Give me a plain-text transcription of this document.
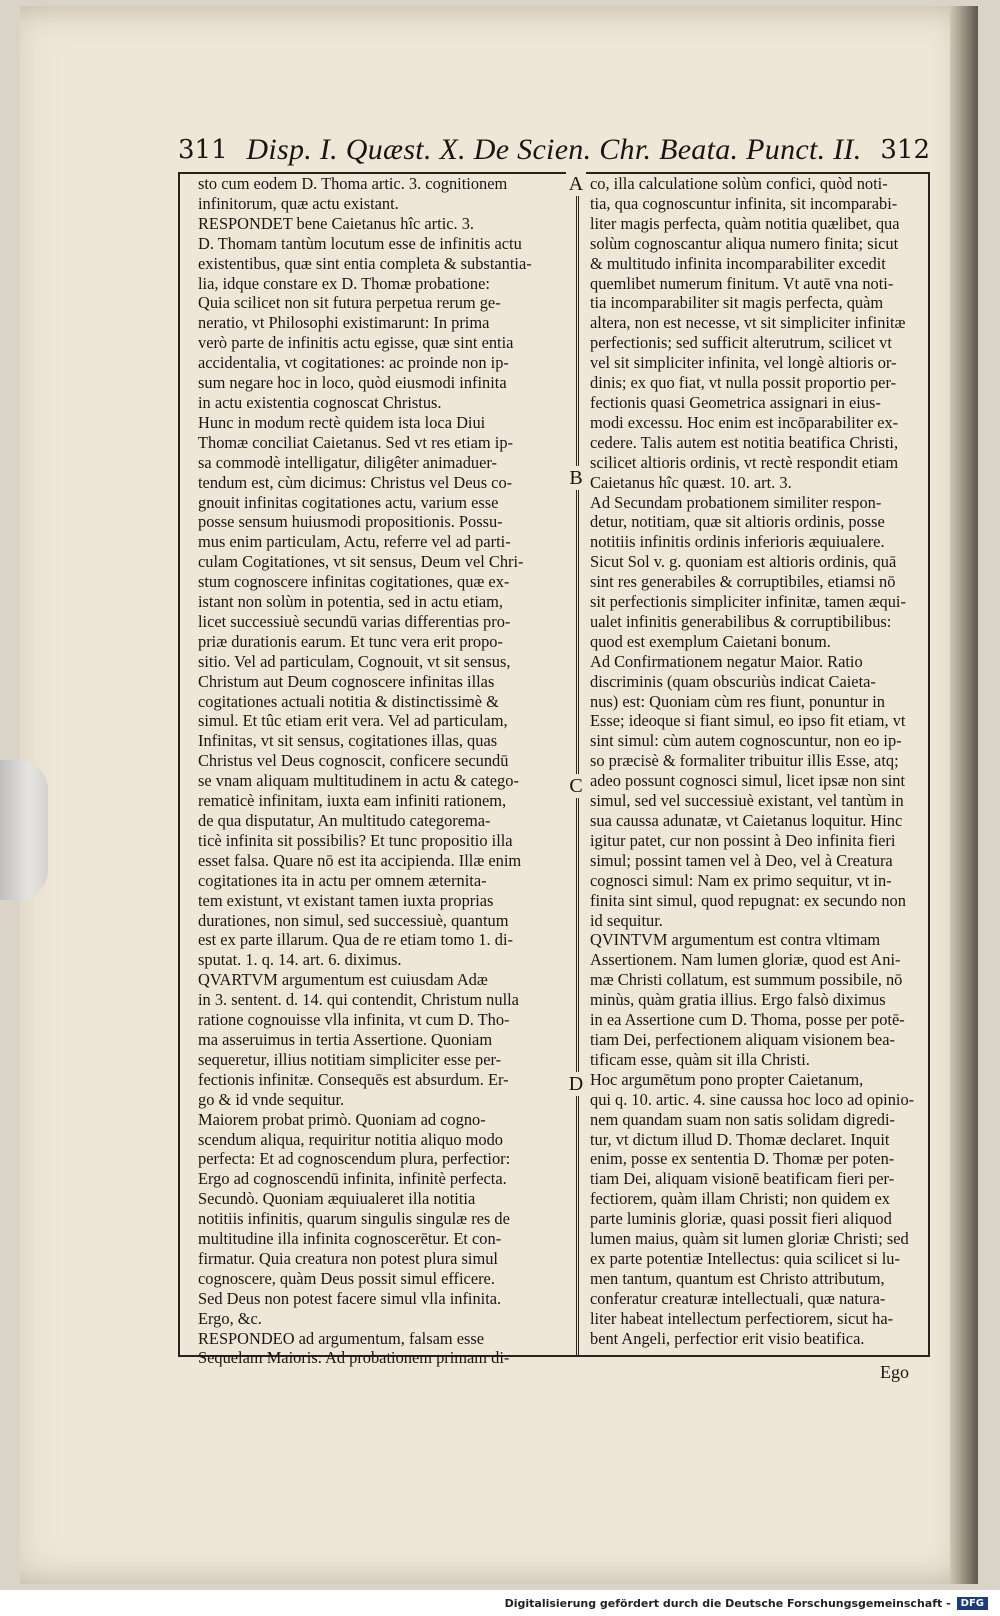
311 Disp. I. Quæst. X. De Scien. Chr. Beata. Punct. II. 312
A
B
C
D
sto cum eodem D. Thoma artic. 3. cognitionem
infinitorum, quæ actu existant.
RESPONDET bene Caietanus hîc artic. 3.
D. Thomam tantùm locutum esse de infinitis actu
existentibus, quæ sint entia completa & substantia-
lia, idque constare ex D. Thomæ probatione:
Quia scilicet non sit futura perpetua rerum ge-
neratio, vt Philosophi existimarunt: In prima
verò parte de infinitis actu egisse, quæ sint entia
accidentalia, vt cogitationes: ac proinde non ip-
sum negare hoc in loco, quòd eiusmodi infinita
in actu existentia cognoscat Christus.
Hunc in modum rectè quidem ista loca Diui
Thomæ conciliat Caietanus. Sed vt res etiam ip-
sa commodè intelligatur, diligêter animaduer-
tendum est, cùm dicimus: Christus vel Deus co-
gnouit infinitas cogitationes actu, varium esse
posse sensum huiusmodi propositionis. Possu-
mus enim particulam, Actu, referre vel ad parti-
culam Cogitationes, vt sit sensus, Deum vel Chri-
stum cognoscere infinitas cogitationes, quæ ex-
istant non solùm in potentia, sed in actu etiam,
licet successiuè secundū varias differentias pro-
priæ durationis earum. Et tunc vera erit propo-
sitio. Vel ad particulam, Cognouit, vt sit sensus,
Christum aut Deum cognoscere infinitas illas
cogitationes actuali notitia & distinctissimè &
simul. Et tûc etiam erit vera. Vel ad particulam,
Infinitas, vt sit sensus, cogitationes illas, quas
Christus vel Deus cognoscit, conficere secundū
se vnam aliquam multitudinem in actu & catego-
rematicè infinitam, iuxta eam infiniti rationem,
de qua disputatur, An multitudo categorema-
ticè infinita sit possibilis? Et tunc propositio illa
esset falsa. Quare nō est ita accipienda. Illæ enim
cogitationes ita in actu per omnem æternita-
tem existunt, vt existant tamen iuxta proprias
durationes, non simul, sed successiuè, quantum
est ex parte illarum. Qua de re etiam tomo 1. di-
sputat. 1. q. 14. art. 6. diximus.
QVARTVM argumentum est cuiusdam Adæ
in 3. sentent. d. 14. qui contendit, Christum nulla
ratione cognouisse vlla infinita, vt cum D. Tho-
ma asseruimus in tertia Assertione. Quoniam
sequeretur, illius notitiam simpliciter esse per-
fectionis infinitæ. Consequēs est absurdum. Er-
go & id vnde sequitur.
Maiorem probat primò. Quoniam ad cogno-
scendum aliqua, requiritur notitia aliquo modo
perfecta: Et ad cognoscendum plura, perfectior:
Ergo ad cognoscendū infinita, infinitè perfecta.
Secundò. Quoniam æquiualeret illa notitia
notitiis infinitis, quarum singulis singulæ res de
multitudine illa infinita cognoscerētur. Et con-
firmatur. Quia creatura non potest plura simul
cognoscere, quàm Deus possit simul efficere.
Sed Deus non potest facere simul vlla infinita.
Ergo, &c.
RESPONDEO ad argumentum, falsam esse
Sequelam Maioris. Ad probationem primam di-
co, illa calculatione solùm confici, quòd noti-
tia, qua cognoscuntur infinita, sit incomparabi-
liter magis perfecta, quàm notitia quælibet, qua
solùm cognoscantur aliqua numero finita; sicut
& multitudo infinita incomparabiliter excedit
quemlibet numerum finitum. Vt autē vna noti-
tia incomparabiliter sit magis perfecta, quàm
altera, non est necesse, vt sit simpliciter infinitæ
perfectionis; sed sufficit alterutrum, scilicet vt
vel sit simpliciter infinita, vel longè altioris or-
dinis; ex quo fiat, vt nulla possit proportio per-
fectionis quasi Geometrica assignari in eius-
modi excessu. Hoc enim est incōparabiliter ex-
cedere. Talis autem est notitia beatifica Christi,
scilicet altioris ordinis, vt rectè respondit etiam
Caietanus hîc quæst. 10. art. 3.
Ad Secundam probationem similiter respon-
detur, notitiam, quæ sit altioris ordinis, posse
notitiis infinitis ordinis inferioris æquiualere.
Sicut Sol v. g. quoniam est altioris ordinis, quā
sint res generabiles & corruptibiles, etiamsi nō
sit perfectionis simpliciter infinitæ, tamen æqui-
ualet infinitis generabilibus & corruptibilibus:
quod est exemplum Caietani bonum.
Ad Confirmationem negatur Maior. Ratio
discriminis (quam obscuriùs indicat Caieta-
nus) est: Quoniam cùm res fiunt, ponuntur in
Esse; ideoque si fiant simul, eo ipso fit etiam, vt
sint simul: cùm autem cognoscuntur, non eo ip-
so præcisè & formaliter tribuitur illis Esse, atq;
adeo possunt cognosci simul, licet ipsæ non sint
simul, sed vel successiuè existant, vel tantùm in
sua caussa adunatæ, vt Caietanus loquitur. Hinc
igitur patet, cur non possint à Deo infinita fieri
simul; possint tamen vel à Deo, vel à Creatura
cognosci simul: Nam ex primo sequitur, vt in-
finita sint simul, quod repugnat: ex secundo non
id sequitur.
QVINTVM argumentum est contra vltimam
Assertionem. Nam lumen gloriæ, quod est Ani-
mæ Christi collatum, est summum possibile, nō
minùs, quàm gratia illius. Ergo falsò diximus
in ea Assertione cum D. Thoma, posse per potē-
tiam Dei, perfectionem aliquam visionem bea-
tificam esse, quàm sit illa Christi.
Hoc argumētum pono propter Caietanum,
qui q. 10. artic. 4. sine caussa hoc loco ad opinio-
nem quandam suam non satis solidam digredi-
tur, vt dictum illud D. Thomæ declaret. Inquit
enim, posse ex sententia D. Thomæ per poten-
tiam Dei, aliquam visionē beatificam fieri per-
fectiorem, quàm illam Christi; non quidem ex
parte luminis gloriæ, quasi possit fieri aliquod
lumen maius, quàm sit lumen gloriæ Christi; sed
ex parte potentiæ Intellectus: quia scilicet si lu-
men tantum, quantum est Christo attributum,
conferatur creaturæ intellectuali, quæ natura-
liter habeat intellectum perfectiorem, sicut ha-
bent Angeli, perfectior erit visio beatifica.
Ego
Digitalisierung gefördert durch die Deutsche Forschungsgemeinschaft -	DFG
